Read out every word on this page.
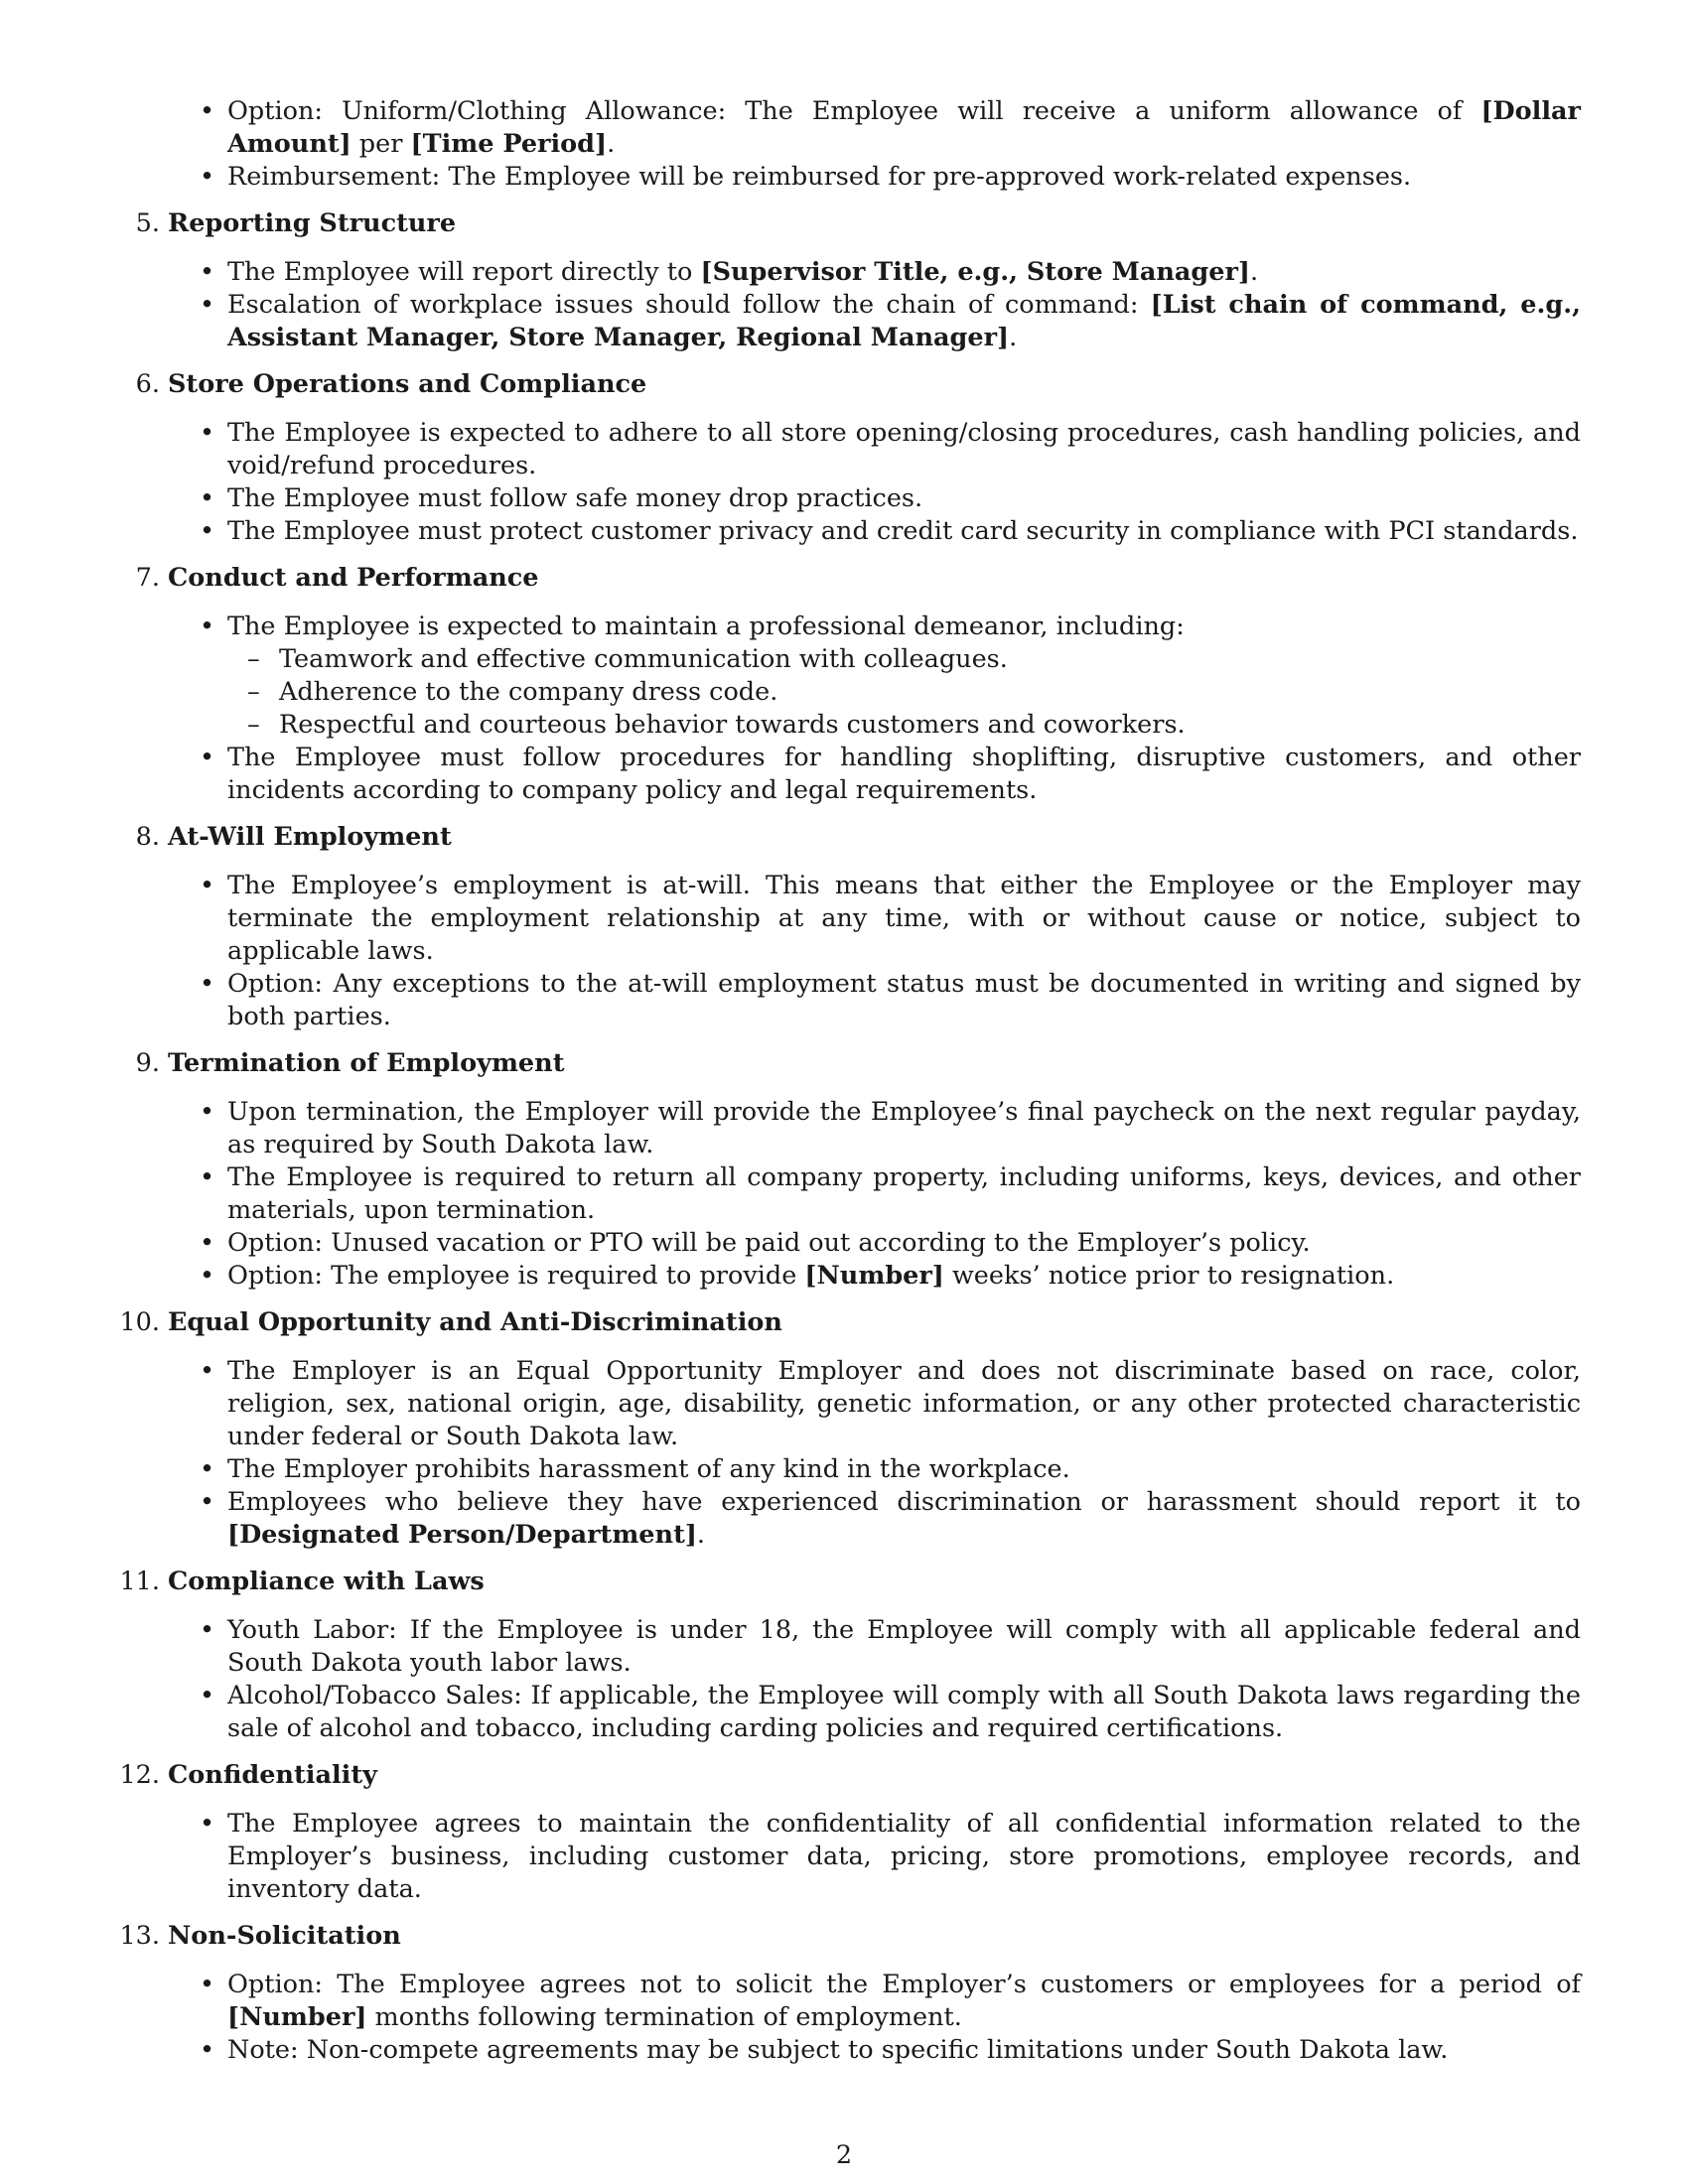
• Option: Uniform/Clothing Allowance: The Employee will receive a uniform allowance of [Dollar Amount] per [Time Period].
• Reimbursement: The Employee will be reimbursed for pre-approved work-related expenses.
5. Reporting Structure
• The Employee will report directly to [Supervisor Title, e.g., Store Manager].
• Escalation of workplace issues should follow the chain of command: [List chain of command, e.g., Assistant Manager, Store Manager, Regional Manager].
6. Store Operations and Compliance
• The Employee is expected to adhere to all store opening/closing procedures, cash handling policies, and void/refund procedures.
• The Employee must follow safe money drop practices.
• The Employee must protect customer privacy and credit card security in compliance with PCI standards.
7. Conduct and Performance
• The Employee is expected to maintain a professional demeanor, including:
– Teamwork and effective communication with colleagues.
– Adherence to the company dress code.
– Respectful and courteous behavior towards customers and coworkers.
• The Employee must follow procedures for handling shoplifting, disruptive customers, and other incidents according to company policy and legal requirements.
8. At-Will Employment
• The Employee’s employment is at-will. This means that either the Employee or the Employer may terminate the employment relationship at any time, with or without cause or notice, subject to applicable laws.
• Option: Any exceptions to the at-will employment status must be documented in writing and signed by both parties.
9. Termination of Employment
• Upon termination, the Employer will provide the Employee’s final paycheck on the next regular payday, as required by South Dakota law.
• The Employee is required to return all company property, including uniforms, keys, devices, and other materials, upon termination.
• Option: Unused vacation or PTO will be paid out according to the Employer’s policy.
• Option: The employee is required to provide [Number] weeks’ notice prior to resignation.
10. Equal Opportunity and Anti-Discrimination
• The Employer is an Equal Opportunity Employer and does not discriminate based on race, color, religion, sex, national origin, age, disability, genetic information, or any other protected characteristic under federal or South Dakota law.
• The Employer prohibits harassment of any kind in the workplace.
• Employees who believe they have experienced discrimination or harassment should report it to [Designated Person/Department].
11. Compliance with Laws
• Youth Labor: If the Employee is under 18, the Employee will comply with all applicable federal and South Dakota youth labor laws.
• Alcohol/Tobacco Sales: If applicable, the Employee will comply with all South Dakota laws regarding the sale of alcohol and tobacco, including carding policies and required certifications.
12. Confidentiality
• The Employee agrees to maintain the confidentiality of all confidential information related to the Employer’s business, including customer data, pricing, store promotions, employee records, and inventory data.
13. Non-Solicitation
• Option: The Employee agrees not to solicit the Employer’s customers or employees for a period of [Number] months following termination of employment.
• Note: Non-compete agreements may be subject to specific limitations under South Dakota law.
2
